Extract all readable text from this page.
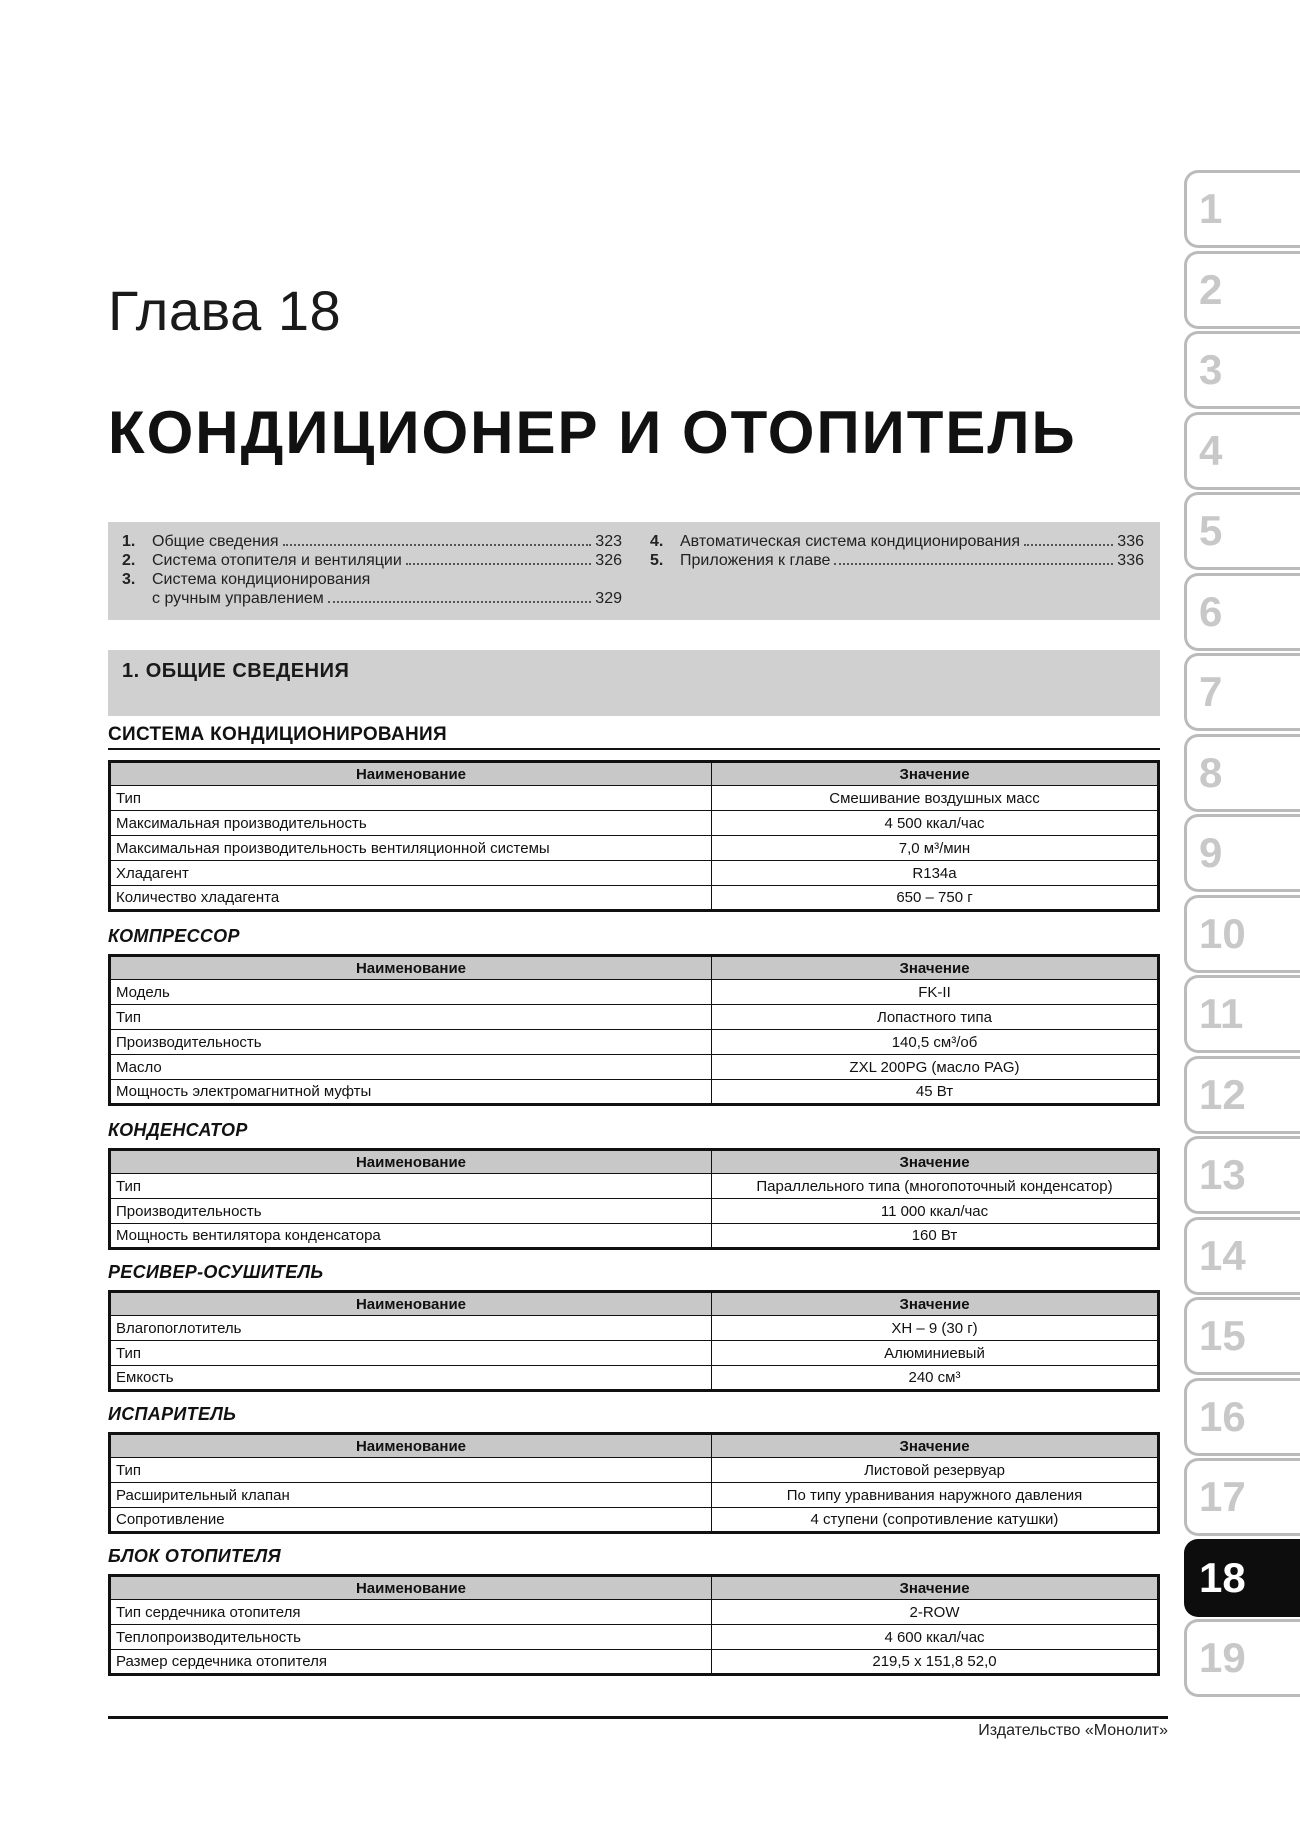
Глава 18
КОНДИЦИОНЕР И ОТОПИТЕЛЬ
1.	Общие сведения	323
2.	Система отопителя и вентиляции	326
3.	Система кондиционирования
с ручным управлением	329
4.	Автоматическая система кондиционирования	336
5.	Приложения к главе	336
1. ОБЩИЕ СВЕДЕНИЯ
СИСТЕМА КОНДИЦИОНИРОВАНИЯ
Наименование	Значение
Тип	Смешивание воздушных масс
Максимальная производительность	4 500 ккал/час
Максимальная производительность вентиляционной системы	7,0 м³/мин
Хладагент	R134a
Количество хладагента	650 – 750 г
КОМПРЕССОР
Наименование	Значение
Модель	FK-II
Тип	Лопастного типа
Производительность	140,5 см³/об
Масло	ZXL 200PG (масло PAG)
Мощность электромагнитной муфты	45 Вт
КОНДЕНСАТОР
Наименование	Значение
Тип	Параллельного типа (многопоточный конденсатор)
Производительность	11 000 ккал/час
Мощность вентилятора конденсатора	160 Вт
РЕСИВЕР-ОСУШИТЕЛЬ
Наименование	Значение
Влагопоглотитель	XH – 9 (30 г)
Тип	Алюминиевый
Емкость	240 см³
ИСПАРИТЕЛЬ
Наименование	Значение
Тип	Листовой резервуар
Расширительный клапан	По типу уравнивания наружного давления
Сопротивление	4 ступени (сопротивление катушки)
БЛОК ОТОПИТЕЛЯ
Наименование	Значение
Тип сердечника отопителя	2-ROW
Теплопроизводительность	4 600 ккал/час
Размер сердечника отопителя	219,5 х 151,8 52,0
Издательство «Монолит»
1
2
3
4
5
6
7
8
9
10
11
12
13
14
15
16
17
18
19
